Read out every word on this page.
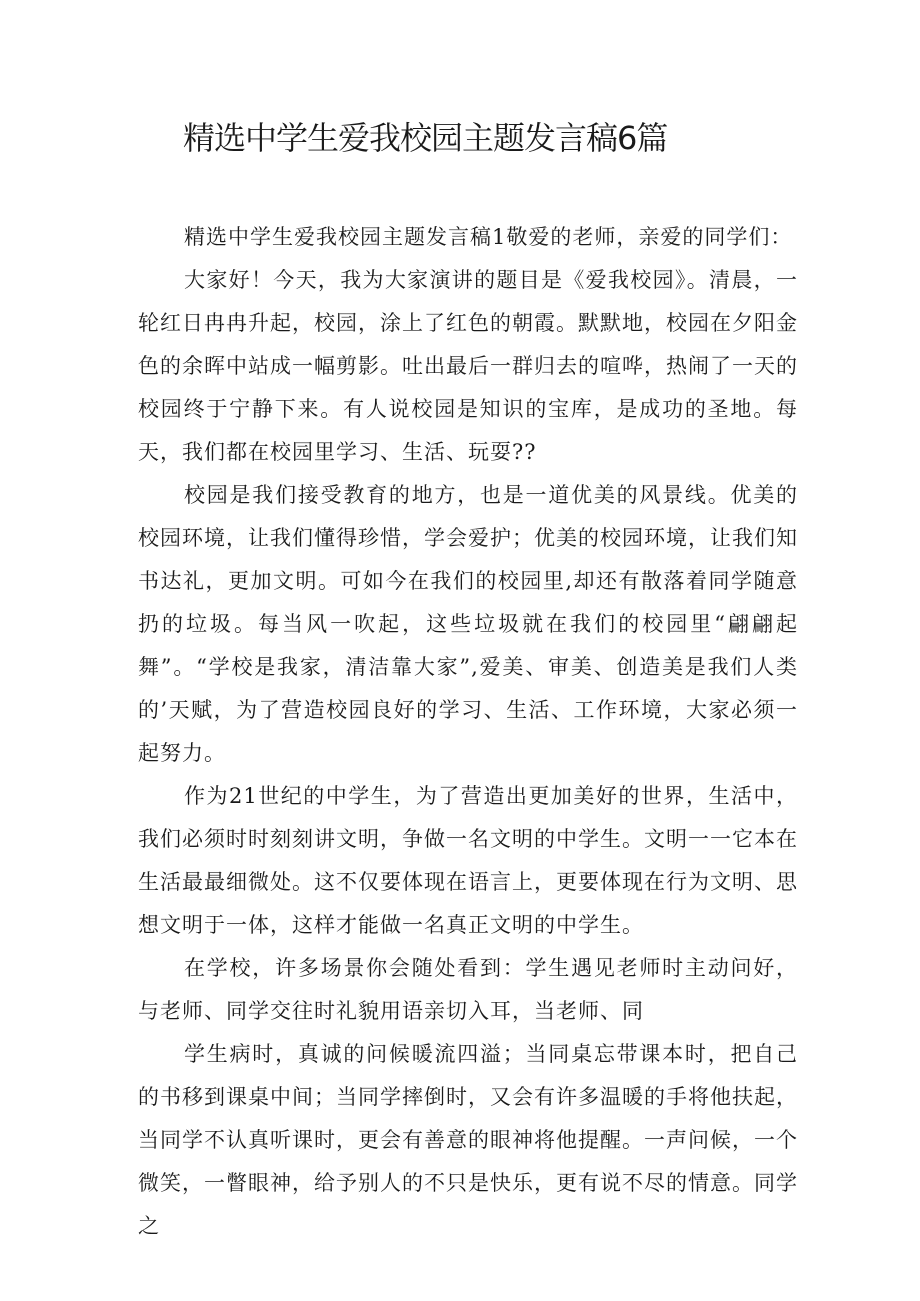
精选中学生爱我校园主题发言稿6篇

精选中学生爱我校园主题发言稿1敬爱的老师，亲爱的同学们：

大家好！今天，我为大家演讲的题目是《爱我校园》。清晨，一轮红日冉冉升起，校园，涂上了红色的朝霞。默默地，校园在夕阳金色的余晖中站成一幅剪影。吐出最后一群归去的喧哗，热闹了一天的校园终于宁静下来。有人说校园是知识的宝库，是成功的圣地。每天，我们都在校园里学习、生活、玩耍??

校园是我们接受教育的地方，也是一道优美的风景线。优美的校园环境，让我们懂得珍惜，学会爱护；优美的校园环境，让我们知书达礼，更加文明。可如今在我们的校园里,却还有散落着同学随意扔的垃圾。每当风一吹起，这些垃圾就在我们的校园里“翩翩起舞”。“学校是我家，清洁靠大家”,爱美、审美、创造美是我们人类的’天赋，为了营造校园良好的学习、生活、工作环境，大家必须一起努力。

作为21世纪的中学生，为了营造出更加美好的世界，生活中，我们必须时时刻刻讲文明，争做一名文明的中学生。文明一一它本在生活最最细微处。这不仅要体现在语言上，更要体现在行为文明、思想文明于一体，这样才能做一名真正文明的中学生。

在学校，许多场景你会随处看到：学生遇见老师时主动问好，与老师、同学交往时礼貌用语亲切入耳，当老师、同

学生病时，真诚的问候暖流四溢；当同桌忘带课本时，把自己的书移到课桌中间；当同学摔倒时，又会有许多温暖的手将他扶起，当同学不认真听课时，更会有善意的眼神将他提醒。一声问候，一个微笑，一瞥眼神，给予别人的不只是快乐，更有说不尽的情意。同学之
